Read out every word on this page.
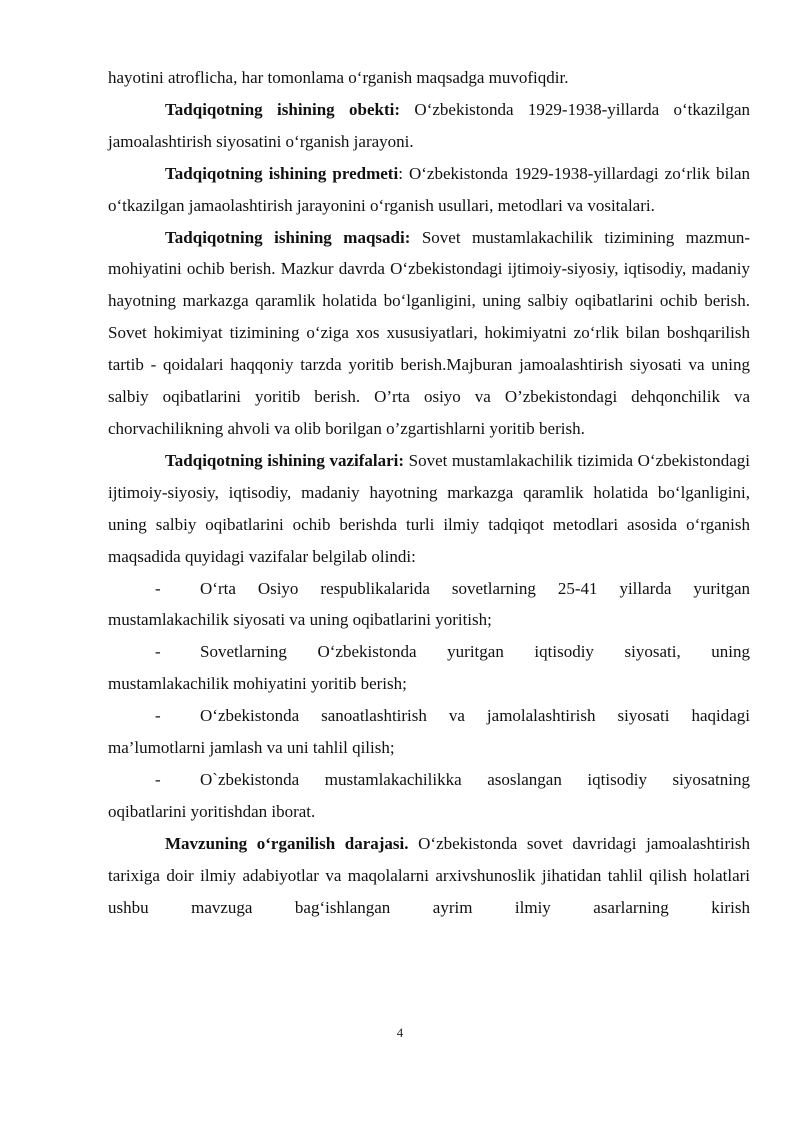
hayotini atroflicha, har tomonlama o‘rganish maqsadga muvofiqdir.

Tadqiqotning ishining obekti: O‘zbekistonda 1929-1938-yillarda o‘tkazilgan jamoalashtirish siyosatini o‘rganish jarayoni.

Tadqiqotning ishining predmeti: O‘zbekistonda 1929-1938-yillardagi zo‘rlik bilan o‘tkazilgan jamaolashtirish jarayonini o‘rganish usullari, metodlari va vositalari.

Tadqiqotning ishining maqsadi: Sovet mustamlakachilik tizimining mazmun-mohiyatini ochib berish. Mazkur davrda O‘zbekistondagi ijtimoiy-siyosiy, iqtisodiy, madaniy hayotning markazga qaramlik holatida bo‘lganligini, uning salbiy oqibatlarini ochib berish. Sovet hokimiyat tizimining o‘ziga xos xususiyatlari, hokimiyatni zo‘rlik bilan boshqarilish tartib - qoidalari haqqoniy tarzda yoritib berish.Majburan jamoalashtirish siyosati va uning salbiy oqibatlarini yoritib berish. O’rta osiyo va O’zbekistondagi dehqonchilik va chorvachilikning ahvoli va olib borilgan o’zgartishlarni yoritib berish.

Tadqiqotning ishining vazifalari: Sovet mustamlakachilik tizimida O‘zbekistondagi ijtimoiy-siyosiy, iqtisodiy, madaniy hayotning markazga qaramlik holatida bo‘lganligini, uning salbiy oqibatlarini ochib berishda turli ilmiy tadqiqot metodlari asosida o‘rganish maqsadida quyidagi vazifalar belgilab olindi:

-	O‘rta Osiyo respublikalarida sovetlarning 25-41 yillarda yuritgan
mustamlakachilik siyosati va uning oqibatlarini yoritish;
-	Sovetlarning O‘zbekistonda yuritgan iqtisodiy siyosati, uning
mustamlakachilik mohiyatini yoritib berish;
-	O‘zbekistonda sanoatlashtirish va jamolalashtirish siyosati haqidagi
ma’lumotlarni jamlash va uni tahlil qilish;
-	O`zbekistonda mustamlakachilikka asoslangan iqtisodiy siyosatning
oqibatlarini yoritishdan iborat.

Mavzuning o‘rganilish darajasi. O‘zbekistonda sovet davridagi jamoalashtirish tarixiga doir ilmiy adabiyotlar va maqolalarni arxivshunoslik jihatidan tahlil qilish holatlari ushbu mavzuga bag‘ishlangan ayrim ilmiy asarlarning kirish

4
